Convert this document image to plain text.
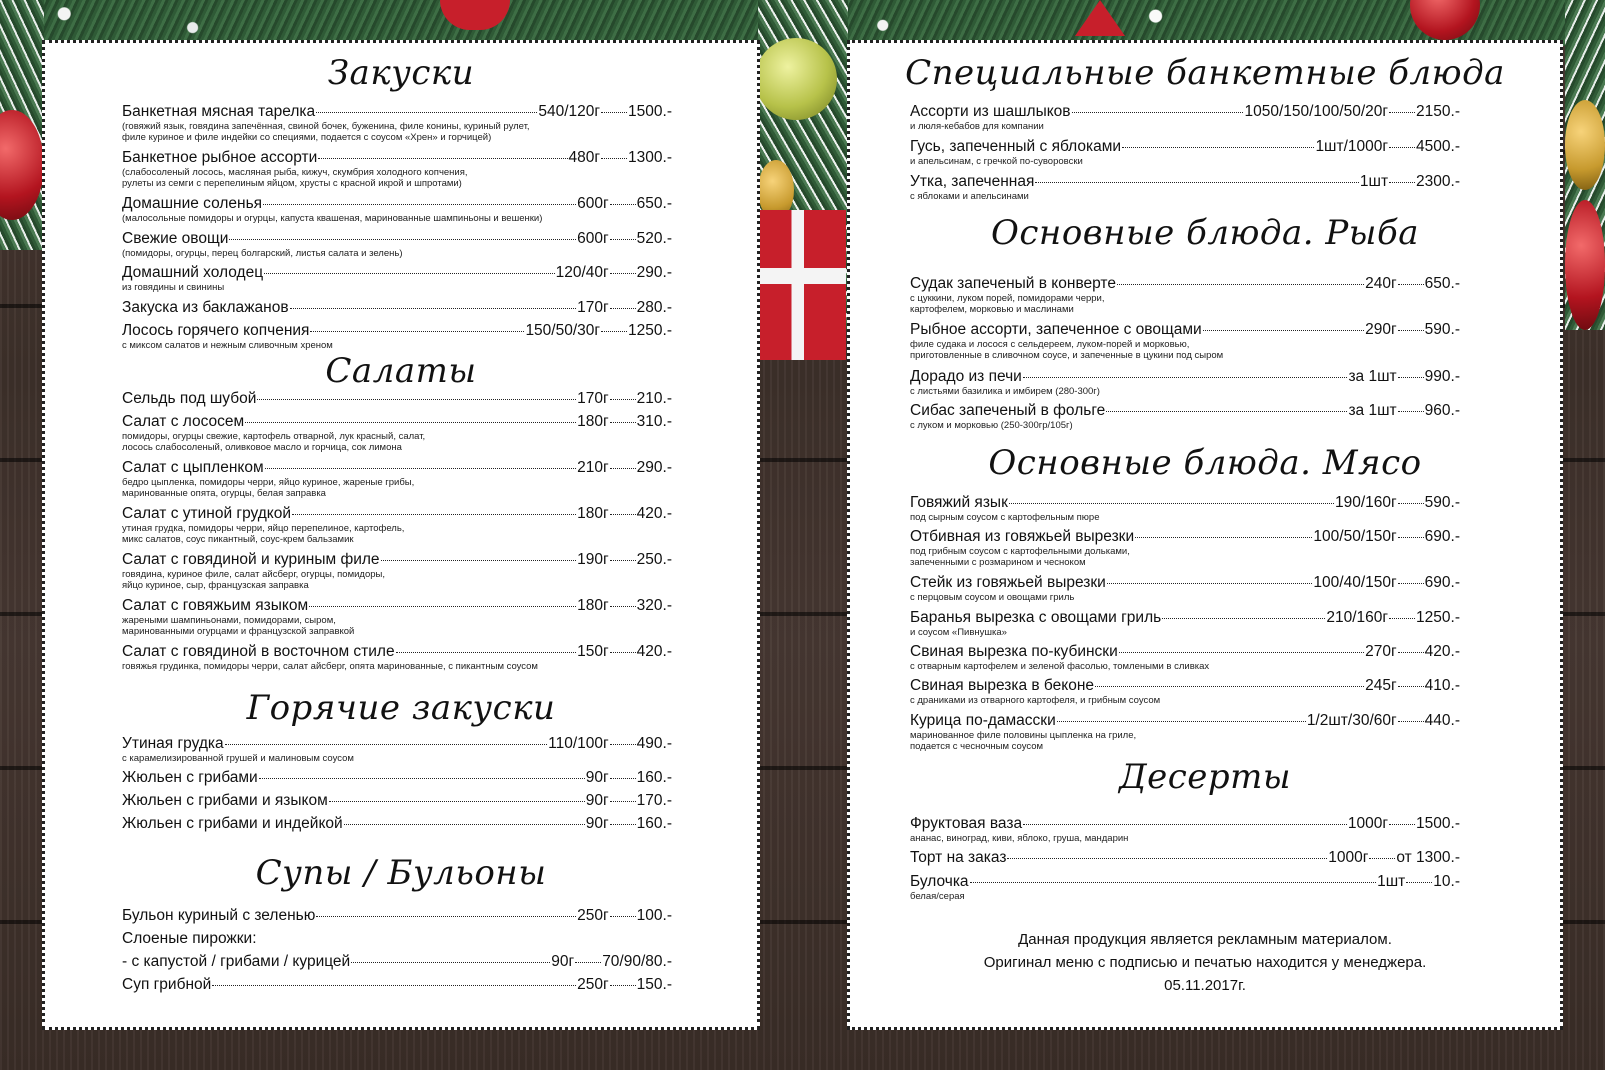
Закуски
Банкетная мясная тарелка	540/120г 1500.-
(говяжий язык, говядина запечённая, свиной бочек, буженина, филе конины, куриный рулет,
филе куриное и филе индейки со специями, подается с соусом «Хрен» и горчицей)
Банкетное рыбное ассорти	480г 1300.-
(слабосоленый лосось, масляная рыба, кижуч, скумбрия холодного копчения,
рулеты из семги с перепелиным яйцом, хрусты с красной икрой и шпротами)
Домашние соленья	600г 650.-
(малосольные помидоры и огурцы, капуста квашеная, маринованные шампиньоны и вешенки)
Свежие овощи	600г 520.-
(помидоры, огурцы, перец болгарский, листья салата и зелень)
Домашний холодец	120/40г 290.-
из говядины и свинины
Закуска из баклажанов	170г 280.-
Лосось горячего копчения	150/50/30г 1250.-
с миксом салатов и нежным сливочным хреном
Салаты
Сельдь под шубой	170г 210.-
Салат с лососем	180г 310.-
помидоры, огурцы свежие, картофель отварной, лук красный, салат,
лосось слабосоленый, оливковое масло и горчица, сок лимона
Салат с цыпленком	210г 290.-
бедро цыпленка, помидоры черри, яйцо куриное, жареные грибы,
маринованные опята, огурцы, белая заправка
Салат с утиной грудкой	180г 420.-
утиная грудка, помидоры черри, яйцо перепелиное, картофель,
микс салатов, соус пикантный, соус-крем бальзамик
Салат с говядиной и куриным филе	190г 250.-
говядина, куриное филе, салат айсберг, огурцы, помидоры,
яйцо куриное, сыр, французская заправка
Салат с говяжьим языком	180г 320.-
жареными шампиньонами, помидорами, сыром,
маринованными огурцами и французской заправкой
Салат с говядиной в восточном стиле	150г 420.-
говяжья грудинка, помидоры черри, салат айсберг, опята маринованные, с пикантным соусом
Горячие закуски
Утиная грудка	110/100г 490.-
с карамелизированной грушей и малиновым соусом
Жюльен с грибами	90г 160.-
Жюльен с грибами и языком	90г 170.-
Жюльен с грибами и индейкой	90г 160.-
Супы / Бульоны
Бульон куриный с зеленью	250г 100.-
- с капустой / грибами / курицей	90г 70/90/80.-
Суп грибной	250г 150.-
Слоеные пирожки:
Специальные банкетные блюда
Ассорти из шашлыков	1050/150/100/50/20г 2150.-
и люля-кебабов для компании
Гусь, запеченный с яблоками	1шт/1000г 4500.-
и апельсинам, с гречкой по-суворовски
Утка, запеченная	1шт 2300.-
с яблоками и апельсинами
Основные блюда. Рыба
Судак запеченый в конверте	240г 650.-
с цуккини, луком порей, помидорами черри,
картофелем, морковью и маслинами
Рыбное ассорти, запеченное с овощами	290г 590.-
филе судака и лосося с сельдереем, луком-порей и морковью,
приготовленные в сливочном соусе, и запеченные в цукини под сыром
Дорадо из печи	за 1шт 990.-
с листьями базилика и имбирем (280-300г)
Сибас запеченый в фольге	за 1шт 960.-
с луком и морковью (250-300гр/105г)
Основные блюда. Мясо
Говяжий язык	190/160г 590.-
под сырным соусом с картофельным пюре
Отбивная из говяжьей вырезки	100/50/150г 690.-
под грибным соусом с картофельными дольками,
запеченными с розмарином и чесноком
Стейк из говяжьей вырезки	100/40/150г 690.-
с перцовым соусом и овощами гриль
Баранья вырезка с овощами гриль	210/160г 1250.-
и соусом «Пивнушка»
Свиная вырезка по-кубински	270г 420.-
с отварным картофелем и зеленой фасолью, томлеными в сливках
Свиная вырезка в беконе	245г 410.-
с драниками из отварного картофеля, и грибным соусом
Курица по-дамасски	1/2шт/30/60г 440.-
маринованное филе половины цыпленка на гриле,
подается с чесночным соусом
Десерты
Фруктовая ваза	1000г 1500.-
ананас, виноград, киви, яблоко, груша, мандарин
Торт на заказ	1000г от 1300.-
Булочка	1шт 10.-
белая/серая
Данная продукция является рекламным материалом.
Оригинал меню с подписью и печатью находится у менеджера.
05.11.2017г.
